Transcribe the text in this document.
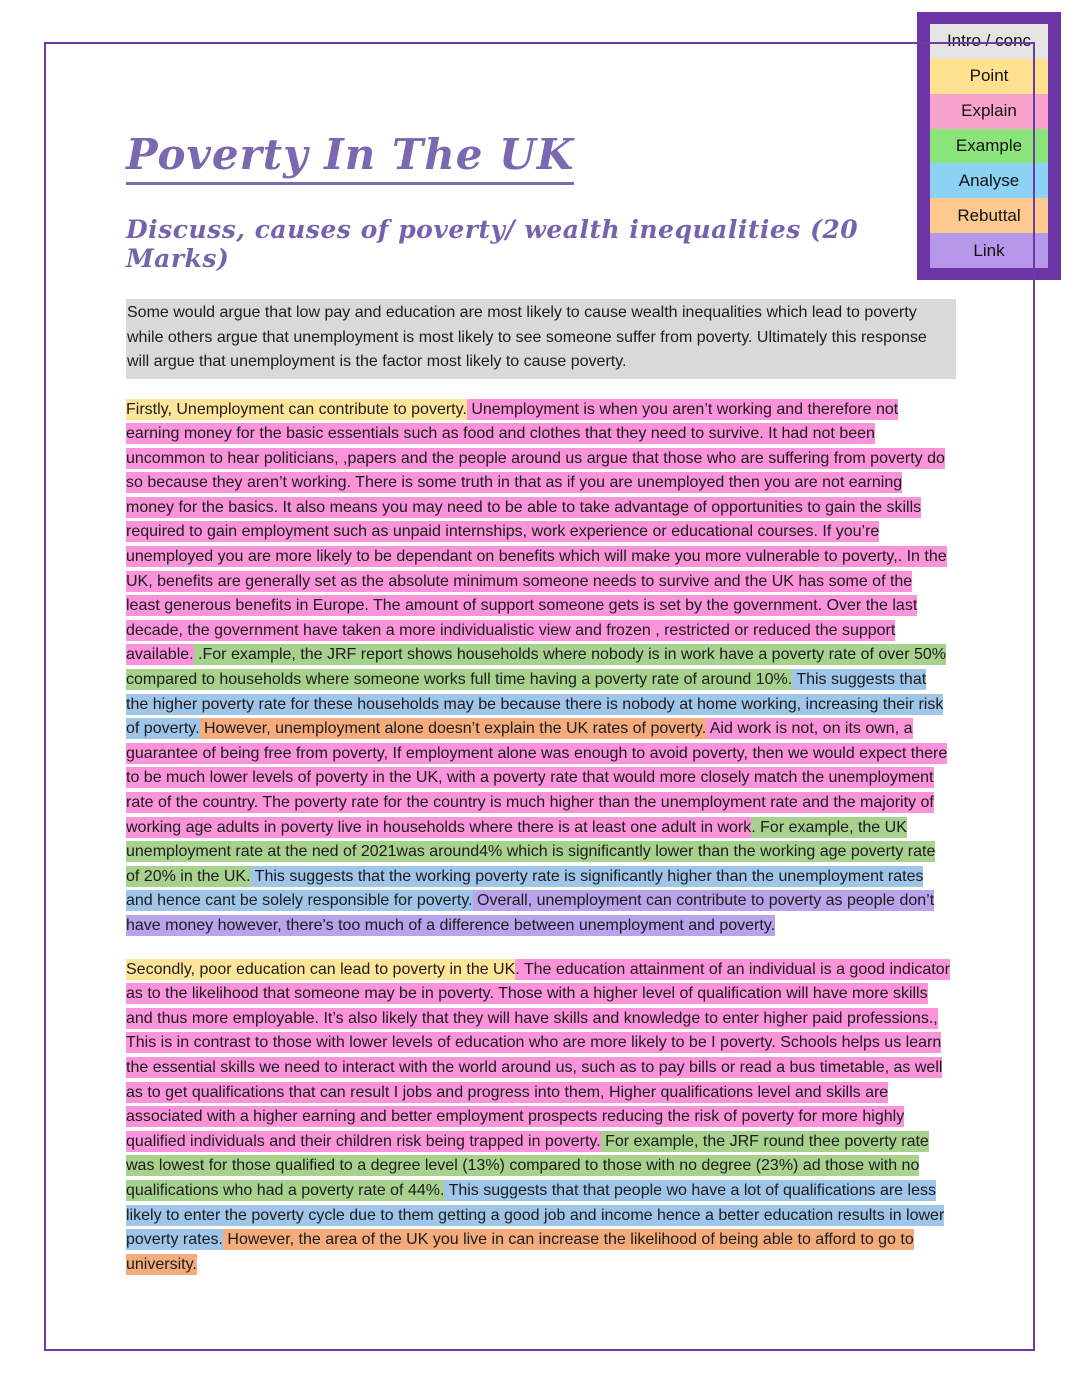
Intro / conc
Point
Explain
Example
Analyse
Rebuttal
Link
Poverty In The UK
Discuss, causes of poverty/ wealth inequalities (20 Marks)
Some would argue that low pay and education are most likely to cause wealth inequalities which lead to poverty while others argue that unemployment is most likely to see someone suffer from poverty. Ultimately this response will argue that unemployment is the factor most likely to cause poverty.

Firstly, Unemployment can contribute to poverty. Unemployment is when you aren’t working and therefore not earning money for the basic essentials such as food and clothes that they need to survive. It had not been uncommon to hear politicians, ,papers and the people around us argue that those who are suffering from poverty do so because they aren’t working. There is some truth in that as if you are unemployed then you are not earning money for the basics. It also means you may need to be able to take advantage of opportunities to gain the skills required to gain employment such as unpaid internships, work experience or educational courses. If you’re unemployed you are more likely to be dependant on benefits which will make you more vulnerable to poverty,. In the UK, benefits are generally set as the absolute minimum someone needs to survive and the UK has some of the least generous benefits in Europe. The amount of support someone gets is set by the government. Over the last decade, the government have taken a more individualistic view and frozen , restricted or reduced the support available. .For example, the JRF report shows households where nobody is in work have a poverty rate of over 50% compared to households where someone works full time having a poverty rate of around 10%. This suggests that the higher poverty rate for these households may be because there is nobody at home working, increasing their risk of poverty. However, unemployment alone doesn’t explain the UK rates of poverty. Aid work is not, on its own, a guarantee of being free from poverty, If employment alone was enough to avoid poverty, then we would expect there to be much lower levels of poverty in the UK, with a poverty rate that would more closely match the unemployment rate of the country. The poverty rate for the country is much higher than the unemployment rate and the majority of working age adults in poverty live in households where there is at least one adult in work. For example, the UK unemployment rate at the ned of 2021was around4% which is significantly lower than the working age poverty rate of 20% in the UK. This suggests that the working poverty rate is significantly higher than the unemployment rates and hence cant be solely responsible for poverty. Overall, unemployment can contribute to poverty as people don’t have money however, there's too much of a difference between unemployment and poverty.

Secondly, poor education can lead to poverty in the UK. The education attainment of an individual is a good indicator as to the likelihood that someone may be in poverty. Those with a higher level of qualification will have more skills and thus more employable. It’s also likely that they will have skills and knowledge to enter higher paid professions., This is in contrast to those with lower levels of education who are more likely to be I poverty. Schools helps us learn the essential skills we need to interact with the world around us, such as to pay bills or read a bus timetable, as well as to get qualifications that can result I jobs and progress into them, Higher qualifications level and skills are associated with a higher earning and better employment prospects reducing the risk of poverty for more highly qualified individuals and their children risk being trapped in poverty. For example, the JRF round thee poverty rate was lowest for those qualified to a degree level (13%) compared to those with no degree (23%) ad those with no qualifications who had a poverty rate of 44%. This suggests that that people wo have a lot of qualifications are less likely to enter the poverty cycle due to them getting a good job and income hence a better education results in lower poverty rates. However, the area of the UK you live in can increase the likelihood of being able to afford to go to university.
